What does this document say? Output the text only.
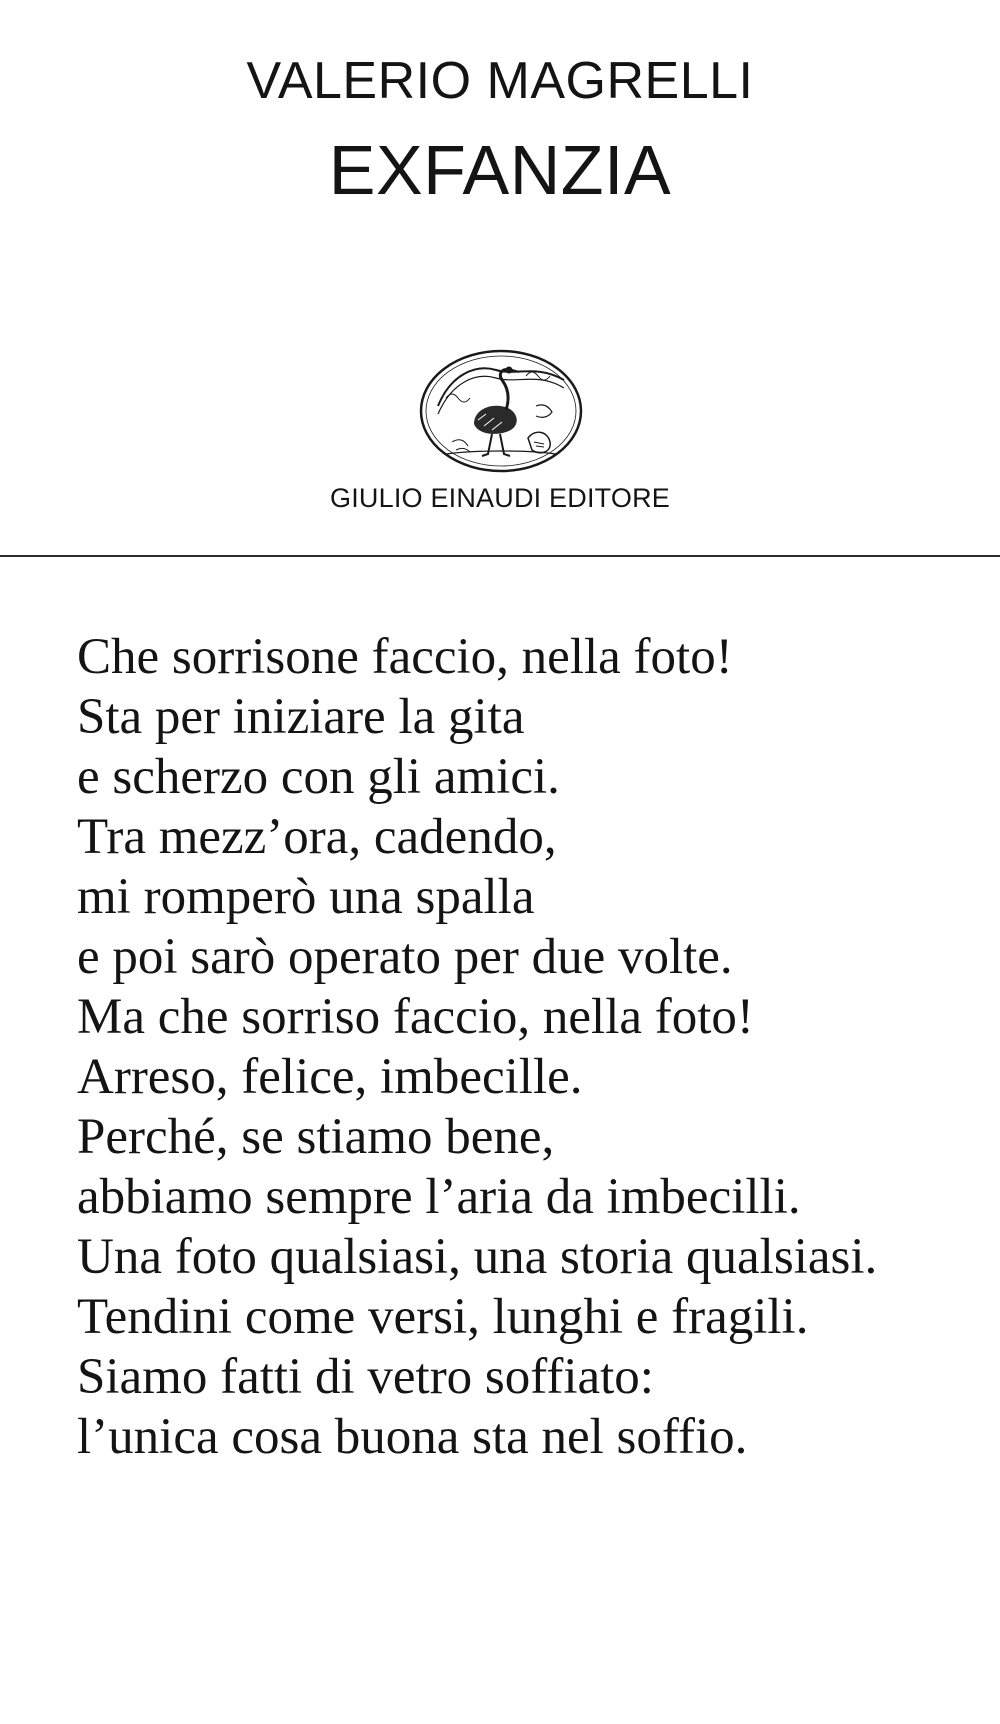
VALERIO MAGRELLI
EXFANZIA
GIULIO EINAUDI EDITORE
Che sorrisone faccio, nella foto!
Sta per iniziare la gita
e scherzo con gli amici.
Tra mezz’ora, cadendo,
mi romperò una spalla
e poi sarò operato per due volte.
Ma che sorriso faccio, nella foto!
Arreso, felice, imbecille.
Perché, se stiamo bene,
abbiamo sempre l’aria da imbecilli.
Una foto qualsiasi, una storia qualsiasi.
Tendini come versi, lunghi e fragili.
Siamo fatti di vetro soffiato:
l’unica cosa buona sta nel soffio.
